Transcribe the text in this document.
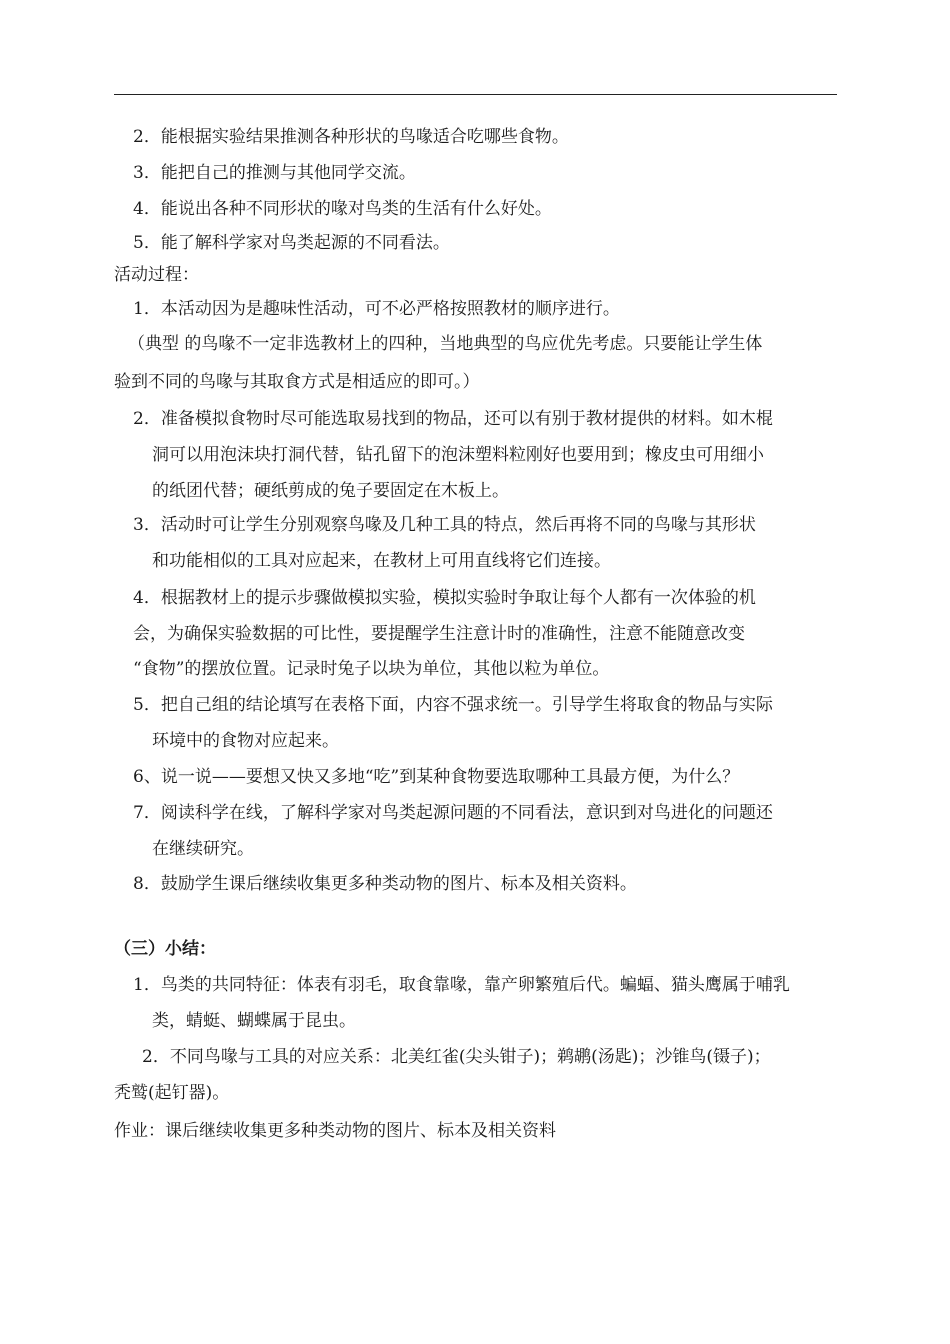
2．能根据实验结果推测各种形状的鸟喙适合吃哪些食物。
3．能把自己的推测与其他同学交流。
4．能说出各种不同形状的喙对鸟类的生活有什么好处。
5．能了解科学家对鸟类起源的不同看法。
活动过程：
1．本活动因为是趣味性活动，可不必严格按照教材的顺序进行。
（典型 的鸟喙不一定非选教材上的四种，当地典型的鸟应优先考虑。只要能让学生体
验到不同的鸟喙与其取食方式是相适应的即可。）
2．准备模拟食物时尽可能选取易找到的物品，还可以有别于教材提供的材料。如木棍
洞可以用泡沫块打洞代替，钻孔留下的泡沫塑料粒刚好也要用到；橡皮虫可用细小
的纸团代替；硬纸剪成的兔子要固定在木板上。
3．活动时可让学生分别观察鸟喙及几种工具的特点，然后再将不同的鸟喙与其形状
和功能相似的工具对应起来，在教材上可用直线将它们连接。
4．根据教材上的提示步骤做模拟实验，模拟实验时争取让每个人都有一次体验的机
会，为确保实验数据的可比性，要提醒学生注意计时的准确性，注意不能随意改变
“食物”的摆放位置。记录时兔子以块为单位，其他以粒为单位。
5．把自己组的结论填写在表格下面，内容不强求统一。引导学生将取食的物品与实际
环境中的食物对应起来。
6、说一说——要想又快又多地“吃”到某种食物要选取哪种工具最方便，为什么？
7．阅读科学在线，了解科学家对鸟类起源问题的不同看法，意识到对鸟进化的问题还
在继续研究。
8．鼓励学生课后继续收集更多种类动物的图片、标本及相关资料。
（三）小结：
1．鸟类的共同特征：体表有羽毛，取食靠喙，靠产卵繁殖后代。蝙蝠、猫头鹰属于哺乳
类，蜻蜓、蝴蝶属于昆虫。
2．不同鸟喙与工具的对应关系：北美红雀(尖头钳子)；鹈鹕(汤匙)；沙锥鸟(镊子)；
秃鹫(起钉器)。
作业：课后继续收集更多种类动物的图片、标本及相关资料
